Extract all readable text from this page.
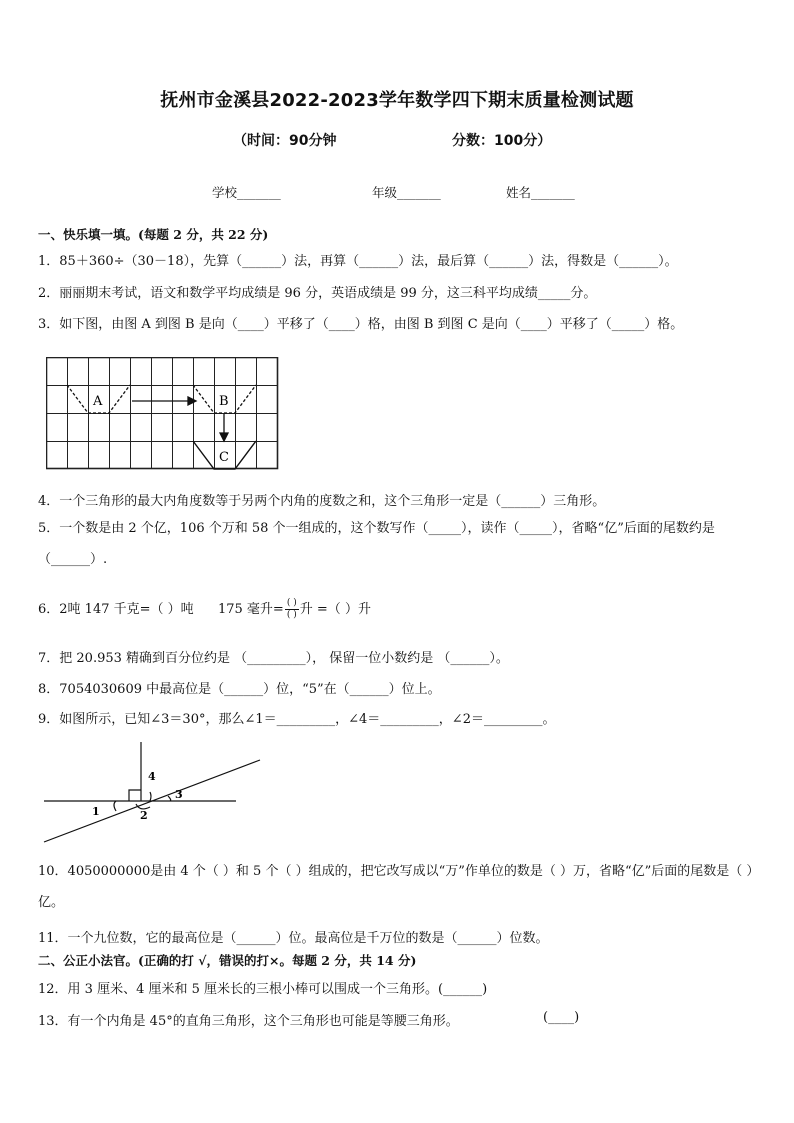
抚州市金溪县2022-2023学年数学四下期末质量检测试题
（时间：90分钟	分数：100分）
学校_______	年级_______	姓名_______
一、快乐填一填。(每题 2 分，共 22 分)
1．85＋360÷（30－18），先算（______）法，再算（______）法，最后算（______）法，得数是（______）。
2．丽丽期末考试，语文和数学平均成绩是 96 分，英语成绩是 99 分，这三科平均成绩_____分。
3．如下图，由图 A 到图 B 是向（____）平移了（____）格，由图 B 到图 C 是向（____）平移了（_____）格。
A	B
C
4．一个三角形的最大内角度数等于另两个内角的度数之和，这个三角形一定是（______）三角形。
5．一个数是由 2 个亿，106 个万和 58 个一组成的，这个数写作（_____），读作（_____），省略“亿”后面的尾数约是（______）.
6．2吨 147 千克=（ ）吨 175 毫升= $\frac{( )}{( )}$ 升 =（ ）升
7．把 20.953 精确到百分位约是 （_________）， 保留一位小数约是 （______）。
8．7054030609 中最高位是（______）位，“5”在（______）位上。
9．如图所示，已知∠3＝30°，那么∠1＝_________，∠4＝_________，∠2＝_________。
1	2
3
4
10．4050000000是由 4 个（ ）和 5 个（ ）组成的，把它改写成以“万”作单位的数是（ ）万，省略“亿”后面的尾数是（ ）亿。
11．一个九位数，它的最高位是（______）位。最高位是千万位的数是（______）位数。
二、公正小法官。(正确的打 √，错误的打×。每题 2 分，共 14 分)
12．用 3 厘米、4 厘米和 5 厘米长的三根小棒可以围成一个三角形。(______)
13．有一个内角是 45°的直角三角形，这个三角形也可能是等腰三角形。	(____)
